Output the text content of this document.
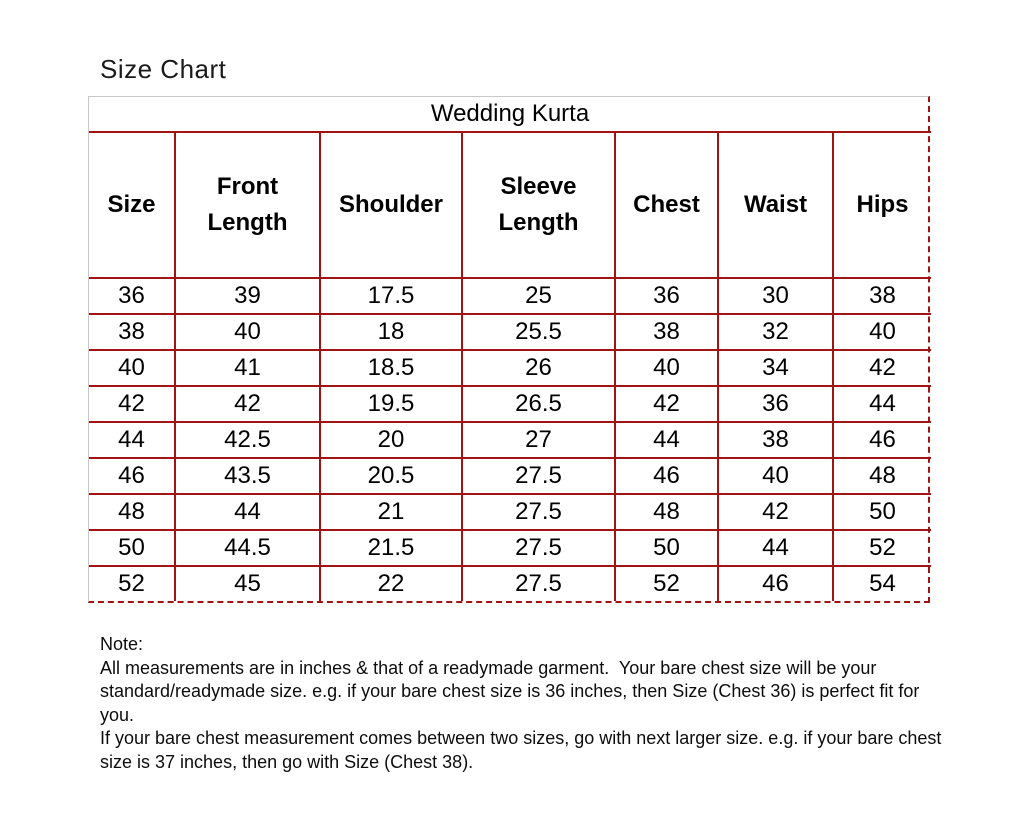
Size Chart
Wedding Kurta						
Size	Front Length	Shoulder	Sleeve Length	Chest	Waist	Hips
36	39	17.5	25	36	30	38
38	40	18	25.5	38	32	40
40	41	18.5	26	40	34	42
42	42	19.5	26.5	42	36	44
44	42.5	20	27	44	38	46
46	43.5	20.5	27.5	46	40	48
48	44	21	27.5	48	42	50
50	44.5	21.5	27.5	50	44	52
52	45	22	27.5	52	46	54
Note:
All measurements are in inches & that of a readymade garment.  Your bare chest size will be your standard/readymade size. e.g. if your bare chest size is 36 inches, then Size (Chest 36) is perfect fit for you.
If your bare chest measurement comes between two sizes, go with next larger size. e.g. if your bare chest size is 37 inches, then go with Size (Chest 38).
